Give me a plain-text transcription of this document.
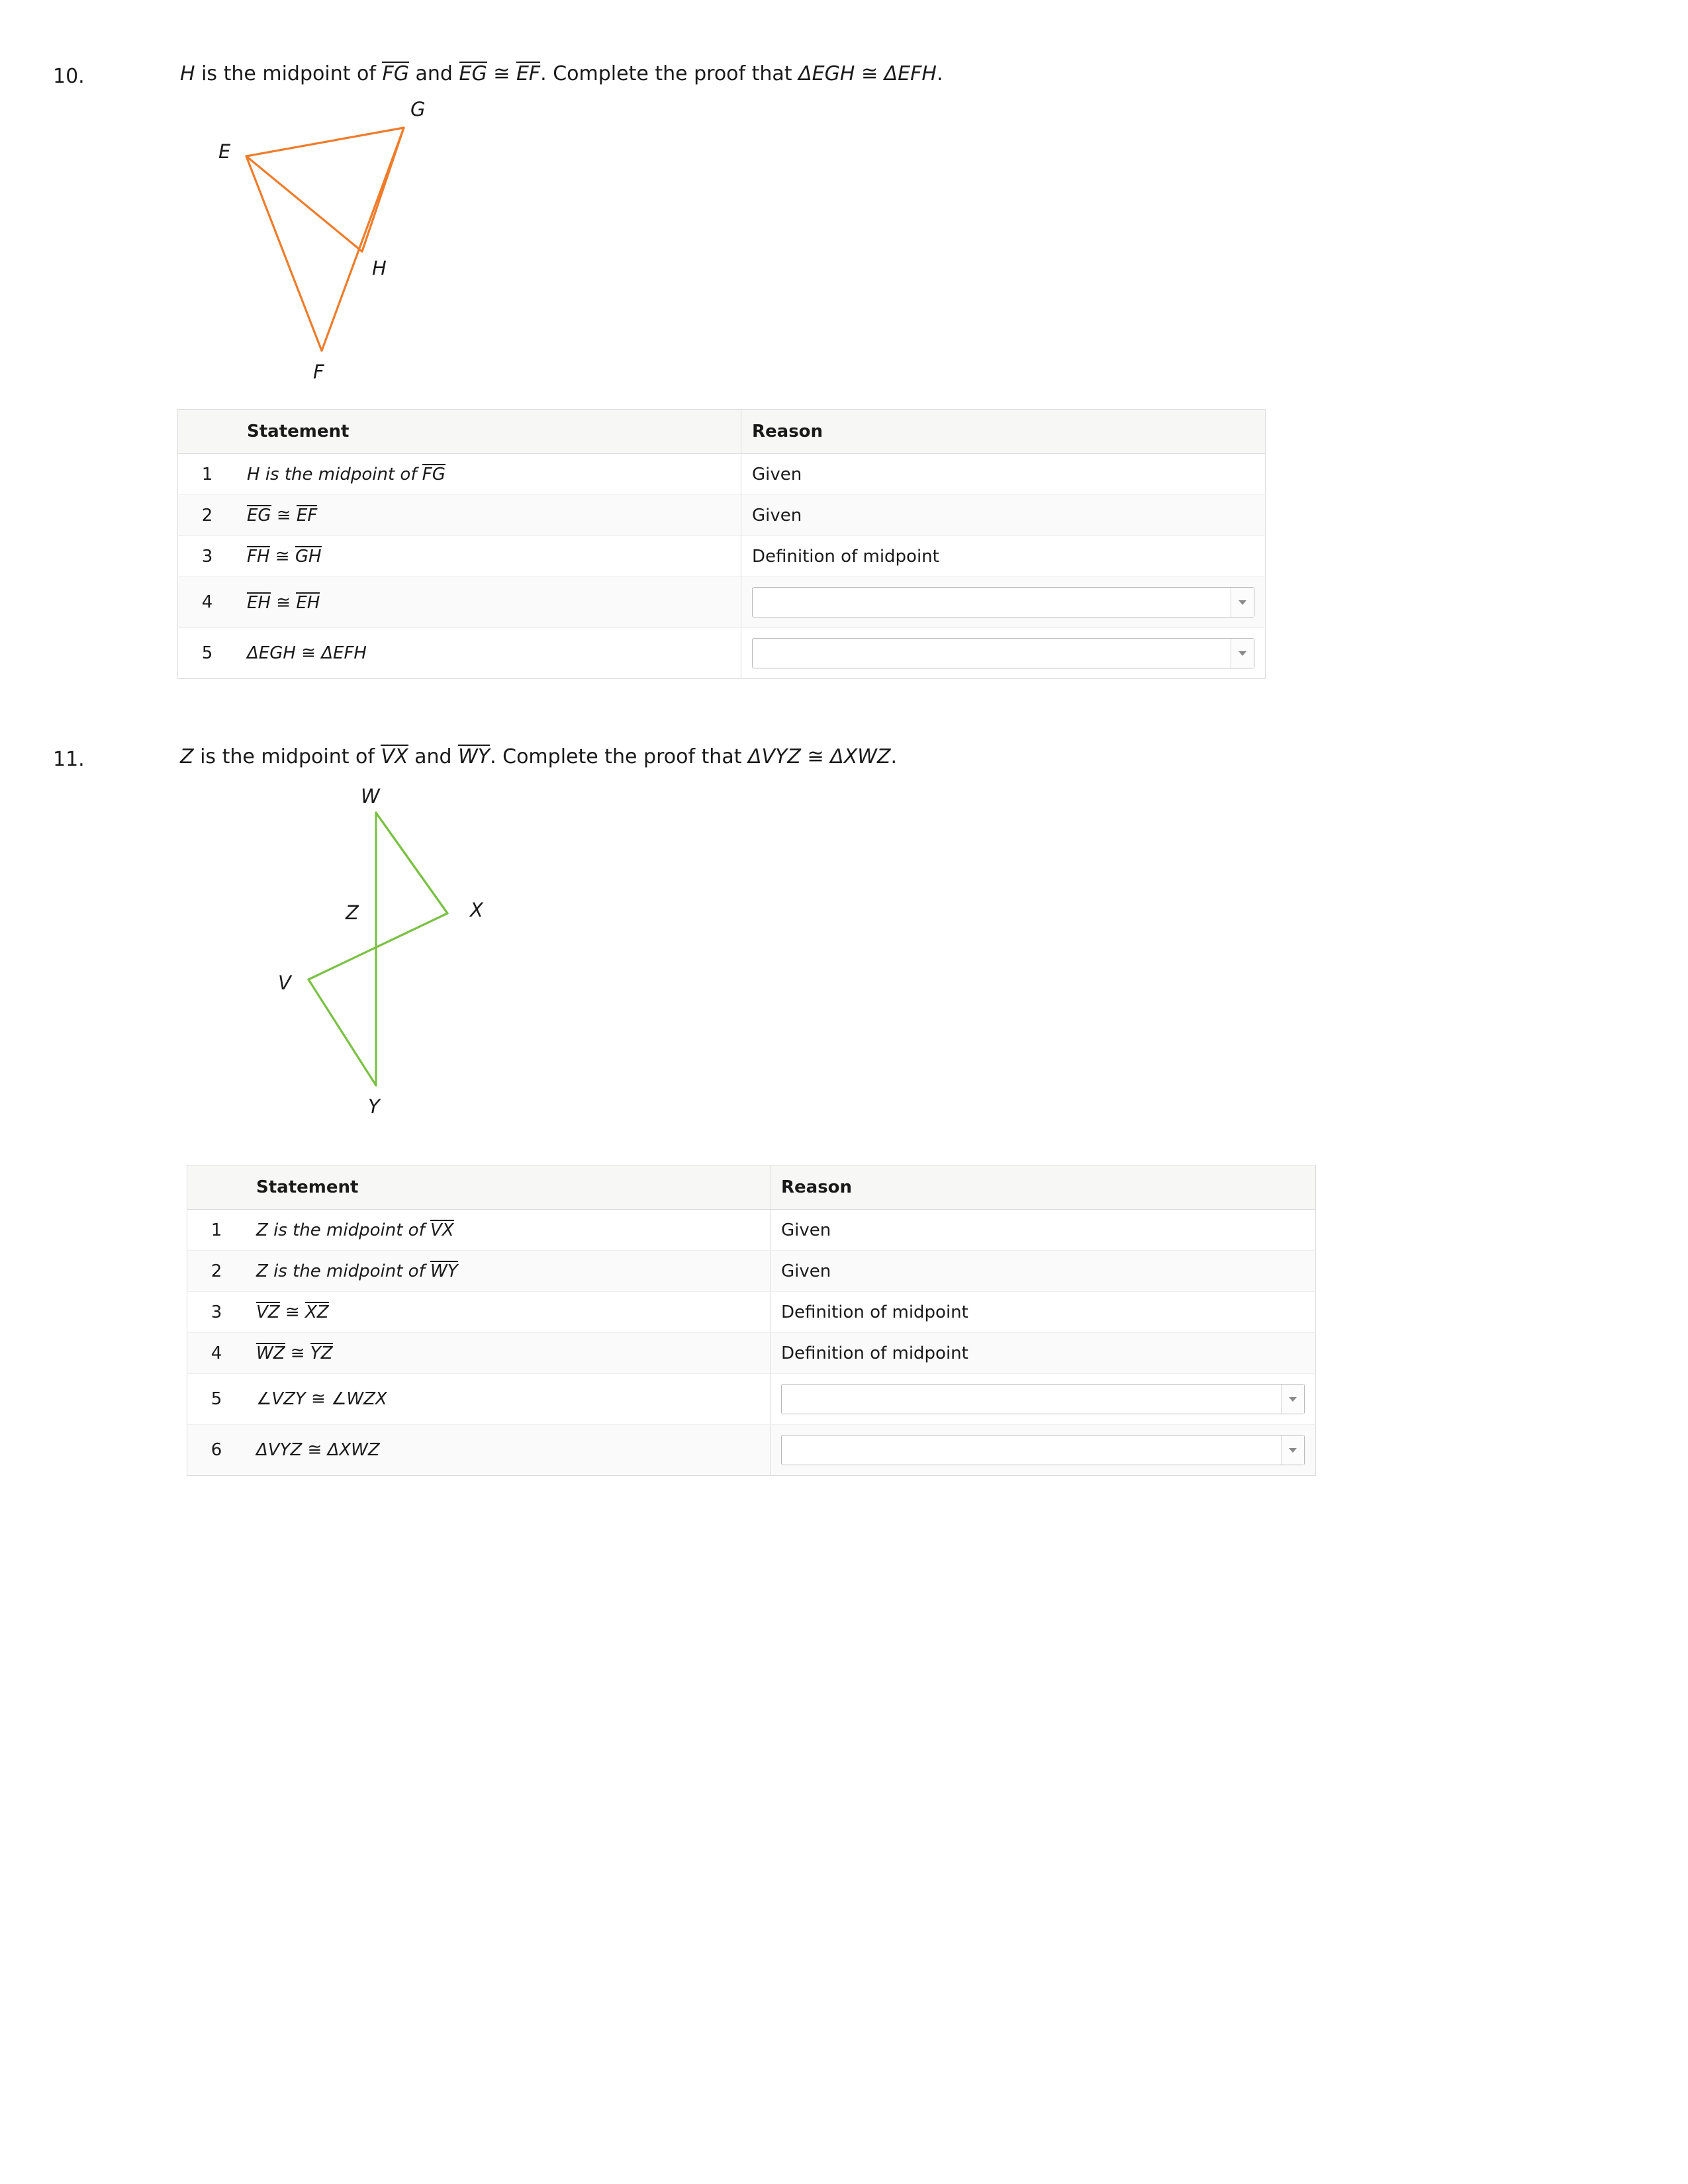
10.	H is the midpoint of FG and EG ≅ EF. Complete the proof that ΔEGH ≅ ΔEFH.
E
G
H
F
	Statement	Reason
1	H is the midpoint of FG	Given
2	EG ≅ EF	Given
3	FH ≅ GH	Definition of midpoint
4	EH ≅ EH	

5	ΔEGH ≅ ΔEFH	
11.	Z is the midpoint of VX and WY. Complete the proof that ΔVYZ ≅ ΔXWZ.
W
Z	X
V
Y
	Statement	Reason
1	Z is the midpoint of VX	Given
2	Z is the midpoint of WY	Given
3	VZ ≅ XZ	Definition of midpoint
4	WZ ≅ YZ	Definition of midpoint
5	∠VZY ≅ ∠WZX	

6	ΔVYZ ≅ ΔXWZ	
